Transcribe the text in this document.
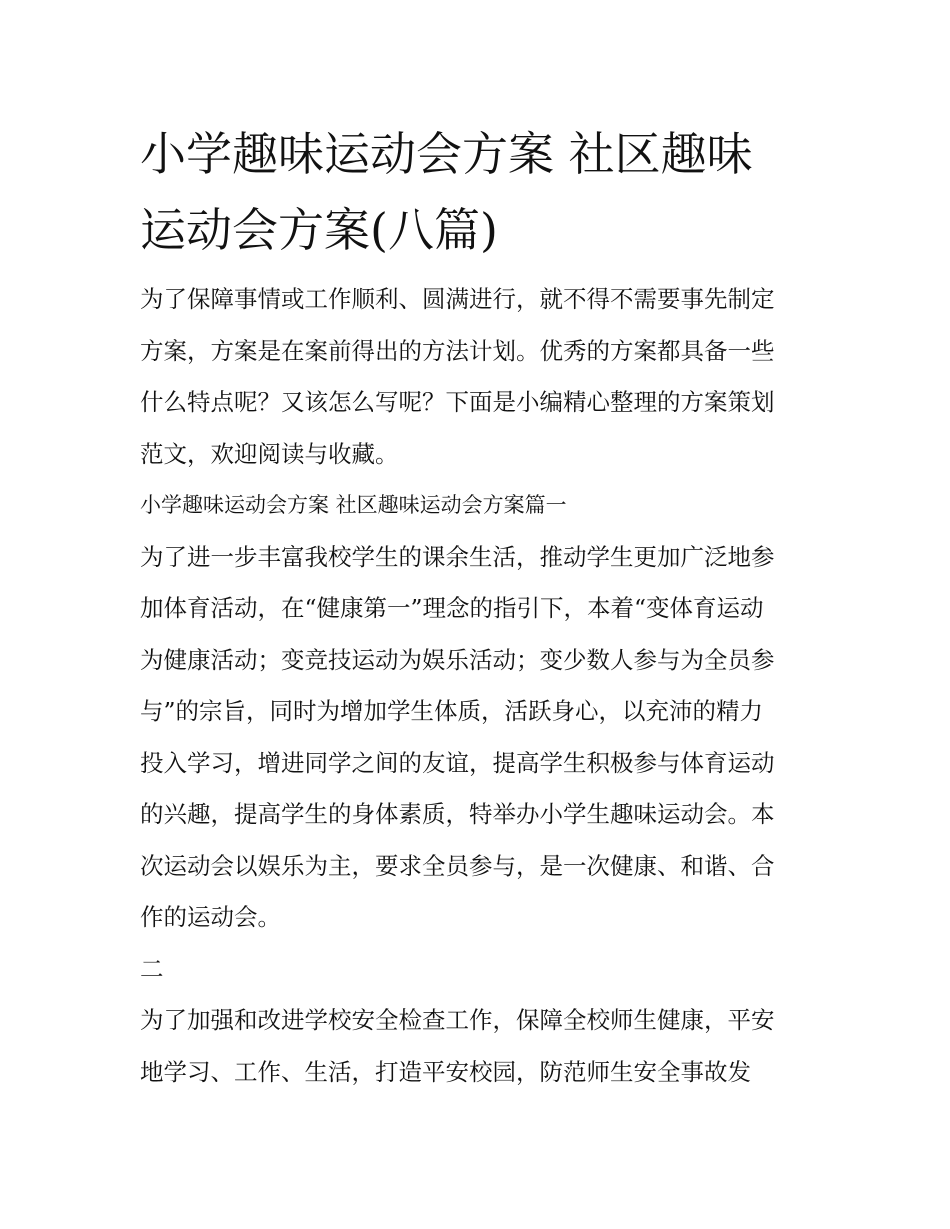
小学趣味运动会方案 社区趣味
运动会方案(八篇)
为了保障事情或工作顺利、圆满进行，就不得不需要事先制定
方案，方案是在案前得出的方法计划。优秀的方案都具备一些
什么特点呢？又该怎么写呢？下面是小编精心整理的方案策划
范文，欢迎阅读与收藏。
小学趣味运动会方案 社区趣味运动会方案篇一
为了进一步丰富我校学生的课余生活，推动学生更加广泛地参
加体育活动，在“健康第一”理念的指引下，本着“变体育运动
为健康活动；变竞技运动为娱乐活动；变少数人参与为全员参
与”的宗旨，同时为增加学生体质，活跃身心，以充沛的精力
投入学习，增进同学之间的友谊，提高学生积极参与体育运动
的兴趣，提高学生的身体素质，特举办小学生趣味运动会。本
次运动会以娱乐为主，要求全员参与，是一次健康、和谐、合
作的运动会。
二
为了加强和改进学校安全检查工作，保障全校师生健康，平安
地学习、工作、生活，打造平安校园，防范师生安全事故发
